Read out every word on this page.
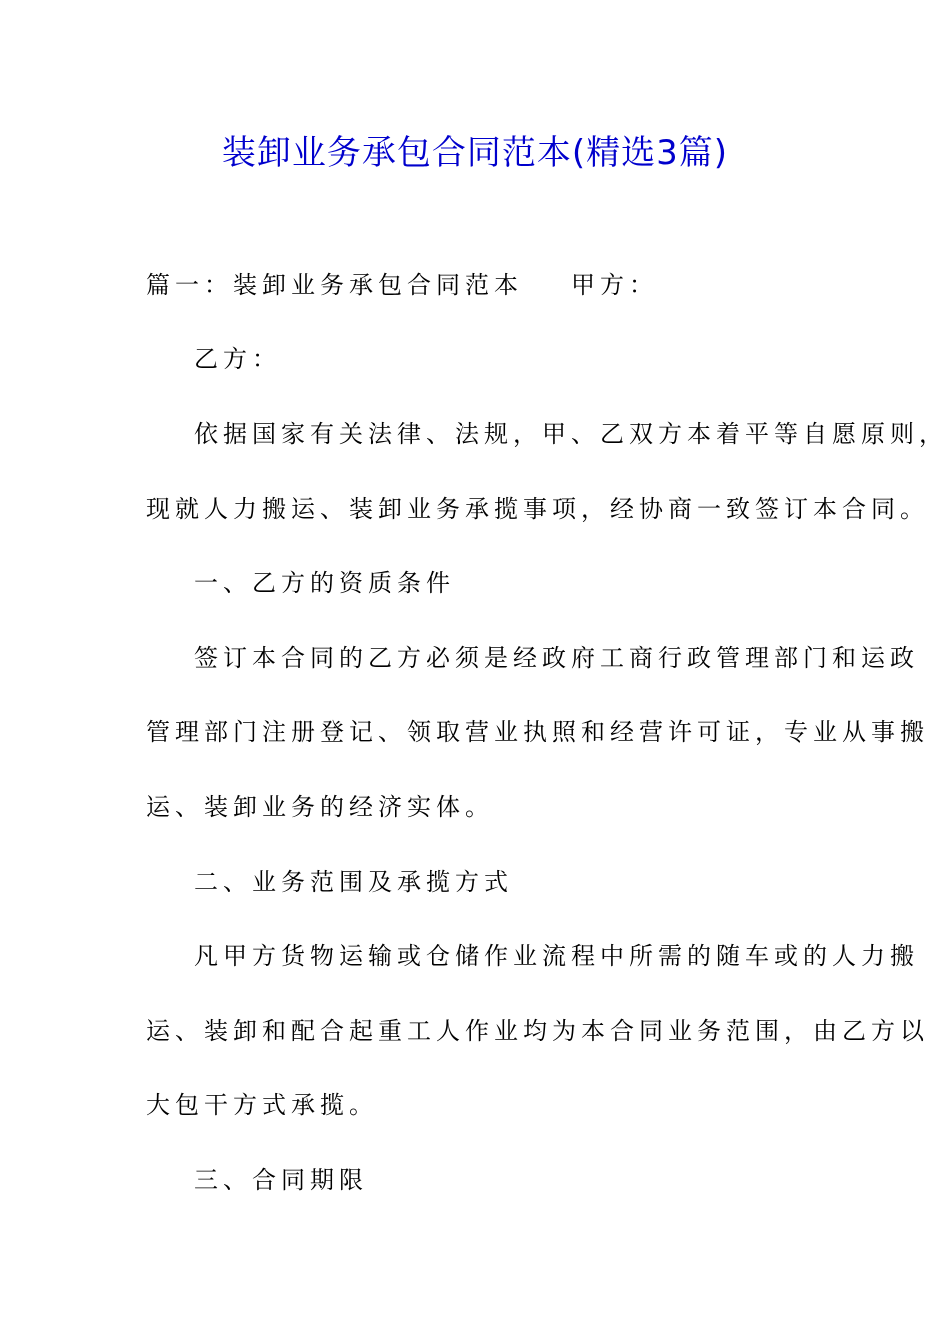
装卸业务承包合同范本(精选3篇)

篇一：装卸业务承包合同范本 甲方：

乙方：

依据国家有关法律、法规，甲、乙双方本着平等自愿原则，

现就人力搬运、装卸业务承揽事项，经协商一致签订本合同。

一、乙方的资质条件

签订本合同的乙方必须是经政府工商行政管理部门和运政

管理部门注册登记、领取营业执照和经营许可证，专业从事搬

运、装卸业务的经济实体。

二、业务范围及承揽方式

凡甲方货物运输或仓储作业流程中所需的随车或的人力搬

运、装卸和配合起重工人作业均为本合同业务范围，由乙方以

大包干方式承揽。

三、合同期限
